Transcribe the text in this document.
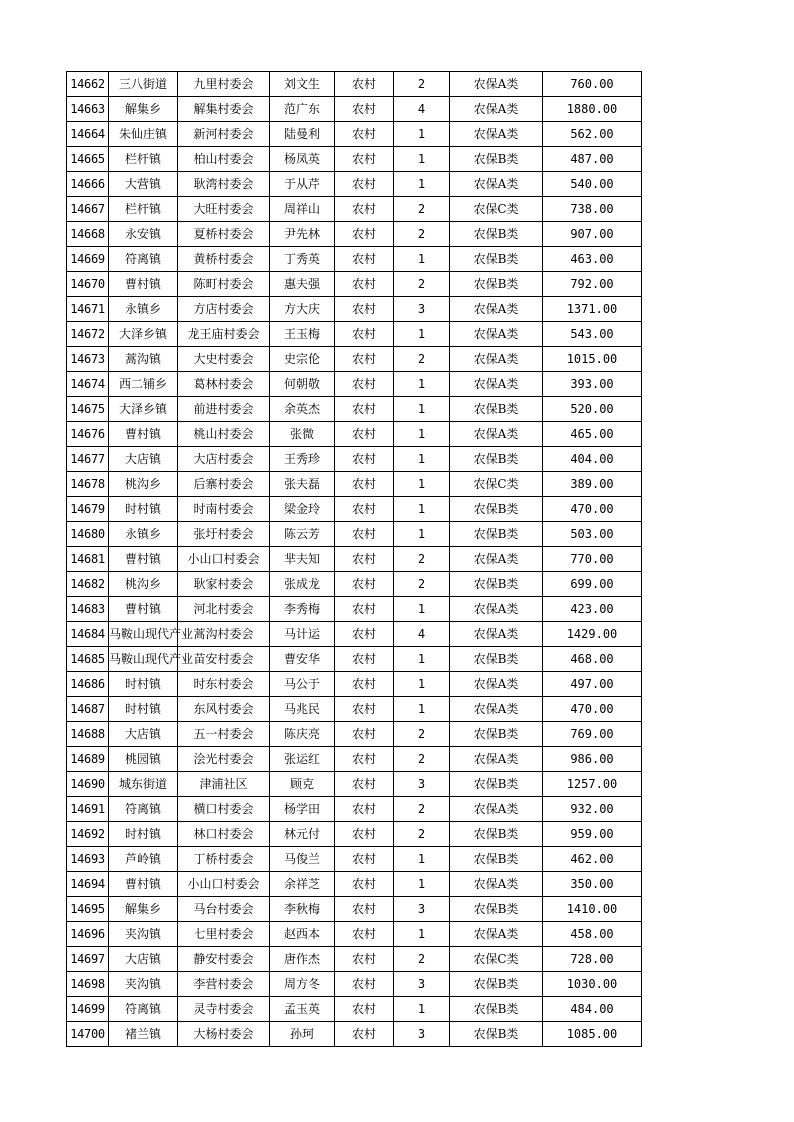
14662	三八街道	九里村委会	刘文生	农村	2	农保A类	760.00
14663	解集乡	解集村委会	范广东	农村	4	农保A类	1880.00
14664	朱仙庄镇	新河村委会	陆曼利	农村	1	农保A类	562.00
14665	栏杆镇	柏山村委会	杨凤英	农村	1	农保B类	487.00
14666	大营镇	耿湾村委会	于从芹	农村	1	农保A类	540.00
14667	栏杆镇	大旺村委会	周祥山	农村	2	农保C类	738.00
14668	永安镇	夏桥村委会	尹先林	农村	2	农保B类	907.00
14669	符离镇	黄桥村委会	丁秀英	农村	1	农保B类	463.00
14670	曹村镇	陈町村委会	惠夫强	农村	2	农保B类	792.00
14671	永镇乡	方店村委会	方大庆	农村	3	农保A类	1371.00
14672	大泽乡镇	龙王庙村委会	王玉梅	农村	1	农保A类	543.00
14673	蒿沟镇	大史村委会	史宗伦	农村	2	农保A类	1015.00
14674	西二铺乡	葛林村委会	何朝敬	农村	1	农保A类	393.00
14675	大泽乡镇	前进村委会	余英杰	农村	1	农保B类	520.00
14676	曹村镇	桃山村委会	张微	农村	1	农保A类	465.00
14677	大店镇	大店村委会	王秀珍	农村	1	农保B类	404.00
14678	桃沟乡	后寨村委会	张夫磊	农村	1	农保C类	389.00
14679	时村镇	时南村委会	梁金玲	农村	1	农保B类	470.00
14680	永镇乡	张圩村委会	陈云芳	农村	1	农保B类	503.00
14681	曹村镇	小山口村委会	芈夫知	农村	2	农保A类	770.00
14682	桃沟乡	耿家村委会	张成龙	农村	2	农保B类	699.00
14683	曹村镇	河北村委会	李秀梅	农村	1	农保A类	423.00
14684	马鞍山现代产业	蒿沟村委会	马计运	农村	4	农保A类	1429.00
14685	马鞍山现代产业	苗安村委会	曹安华	农村	1	农保B类	468.00
14686	时村镇	时东村委会	马公于	农村	1	农保A类	497.00
14687	时村镇	东风村委会	马兆民	农村	1	农保A类	470.00
14688	大店镇	五一村委会	陈庆亮	农村	2	农保B类	769.00
14689	桃园镇	浍光村委会	张运红	农村	2	农保A类	986.00
14690	城东街道	津浦社区	顾克	农村	3	农保B类	1257.00
14691	符离镇	横口村委会	杨学田	农村	2	农保A类	932.00
14692	时村镇	林口村委会	林元付	农村	2	农保B类	959.00
14693	芦岭镇	丁桥村委会	马俊兰	农村	1	农保B类	462.00
14694	曹村镇	小山口村委会	余祥芝	农村	1	农保A类	350.00
14695	解集乡	马台村委会	李秋梅	农村	3	农保B类	1410.00
14696	夹沟镇	七里村委会	赵西本	农村	1	农保A类	458.00
14697	大店镇	静安村委会	唐作杰	农村	2	农保C类	728.00
14698	夹沟镇	李营村委会	周方冬	农村	3	农保B类	1030.00
14699	符离镇	灵寺村委会	孟玉英	农村	1	农保B类	484.00
14700	褚兰镇	大杨村委会	孙珂	农村	3	农保B类	1085.00
